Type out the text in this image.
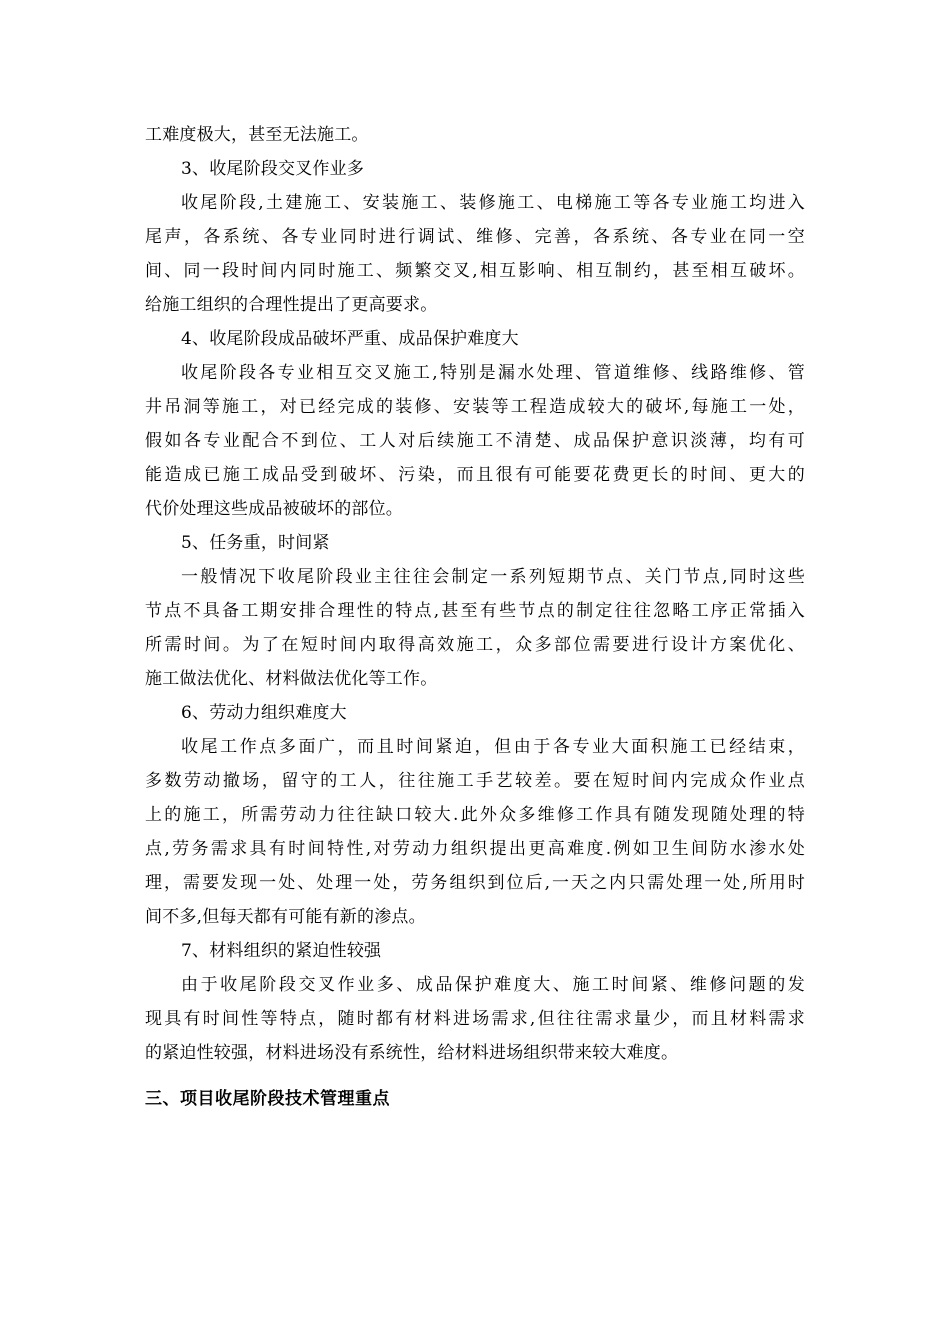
工难度极大，甚至无法施工。
3、收尾阶段交叉作业多
收尾阶段,土建施工、安装施工、装修施工、电梯施工等各专业施工均进入
尾声，各系统、各专业同时进行调试、维修、完善，各系统、各专业在同一空
间、同一段时间内同时施工、频繁交叉,相互影响、相互制约，甚至相互破坏。
给施工组织的合理性提出了更高要求。
4、收尾阶段成品破坏严重、成品保护难度大
收尾阶段各专业相互交叉施工,特别是漏水处理、管道维修、线路维修、管
井吊洞等施工，对已经完成的装修、安装等工程造成较大的破坏,每施工一处，
假如各专业配合不到位、工人对后续施工不清楚、成品保护意识淡薄，均有可
能造成已施工成品受到破坏、污染，而且很有可能要花费更长的时间、更大的
代价处理这些成品被破坏的部位。
5、任务重，时间紧
一般情况下收尾阶段业主往往会制定一系列短期节点、关门节点,同时这些
节点不具备工期安排合理性的特点,甚至有些节点的制定往往忽略工序正常插入
所需时间。为了在短时间内取得高效施工，众多部位需要进行设计方案优化、
施工做法优化、材料做法优化等工作。
6、劳动力组织难度大
收尾工作点多面广，而且时间紧迫，但由于各专业大面积施工已经结束，
多数劳动撤场，留守的工人，往往施工手艺较差。要在短时间内完成众作业点
上的施工，所需劳动力往往缺口较大.此外众多维修工作具有随发现随处理的特
点,劳务需求具有时间特性,对劳动力组织提出更高难度.例如卫生间防水渗水处
理，需要发现一处、处理一处，劳务组织到位后,一天之内只需处理一处,所用时
间不多,但每天都有可能有新的渗点。
7、材料组织的紧迫性较强
由于收尾阶段交叉作业多、成品保护难度大、施工时间紧、维修问题的发
现具有时间性等特点，随时都有材料进场需求,但往往需求量少，而且材料需求
的紧迫性较强，材料进场没有系统性，给材料进场组织带来较大难度。
三、项目收尾阶段技术管理重点
